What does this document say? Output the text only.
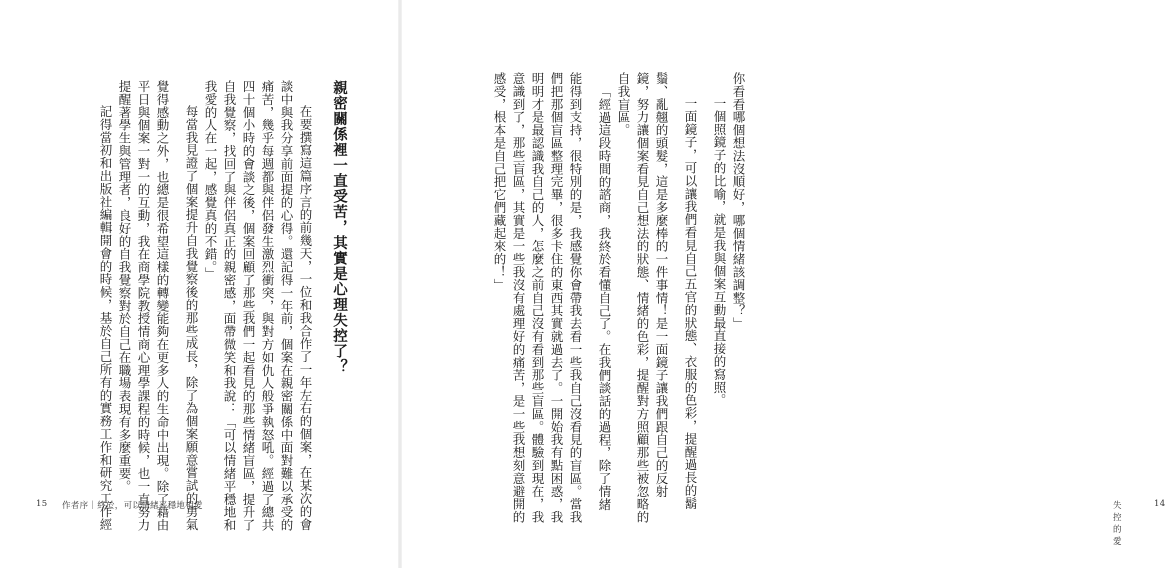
你看看哪個想法沒順好，哪個情緒該調整？」
一個照鏡子的比喻，就是我與個案互動最直接的寫照。
一面鏡子，可以讓我們看見自己五官的狀態、衣服的色彩，提醒過長的鬍
鬚、亂翹的頭髮，這是多麼棒的一件事情！是一面鏡子讓我們跟自己的反射
鏡，努力讓個案看見自己想法的狀態、情緒的色彩，提醒對方照顧那些被忽略的
自我盲區。
「經過這段時間的諮商，我終於看懂自己了。在我們談話的過程，除了情緒
能得到支持，很特別的是，我感覺你會帶我去看一些我自己沒看見的盲區。當我
們把那個盲區整理完畢，很多卡住的東西其實就過去了。一開始我有點困惑，我
明明才是最認識我自己的人，怎麼之前自己沒有看到那些盲區。體驗到現在，我
意識到了，那些盲區，其實是一些我沒有處理好的痛苦，是一些我想刻意避開的
感受，根本是自己把它們藏起來的！」
失控的愛
14
親密關係裡一直受苦，其實是心理失控了？
在要撰寫這篇序言的前幾天，一位和我合作了一年左右的個案，在某次的會
談中與我分享前面提的心得。還記得一年前，個案在親密關係中面對難以承受的
痛苦，幾乎每週都與伴侶發生激烈衝突，與對方如仇人般爭執怒吼。經過了總共
四十個小時的會談之後，個案回顧了那些我們一起看見的那些情緒盲區，提升了
自我覺察，找回了與伴侶真正的親密感，面帶微笑和我說：「可以情緒平穩地和
我愛的人在一起，感覺真的不錯。」
每當我見證了個案提升自我覺察後的那些成長，除了為個案願意嘗試的勇氣
覺得感動之外，也總是很希望這樣的轉變能夠在更多人的生命中出現。除了藉由
平日與個案一對一的互動，我在商學院教授情商心理學課程的時候，也一直努力
提醒著學生與管理者，良好的自我覺察對於自己在職場表現有多麼重要。
記得當初和出版社編輯開會的時候，基於自己所有的實務工作和研究工作經
15 作者序｜終於，可以情緒平穩地相愛
